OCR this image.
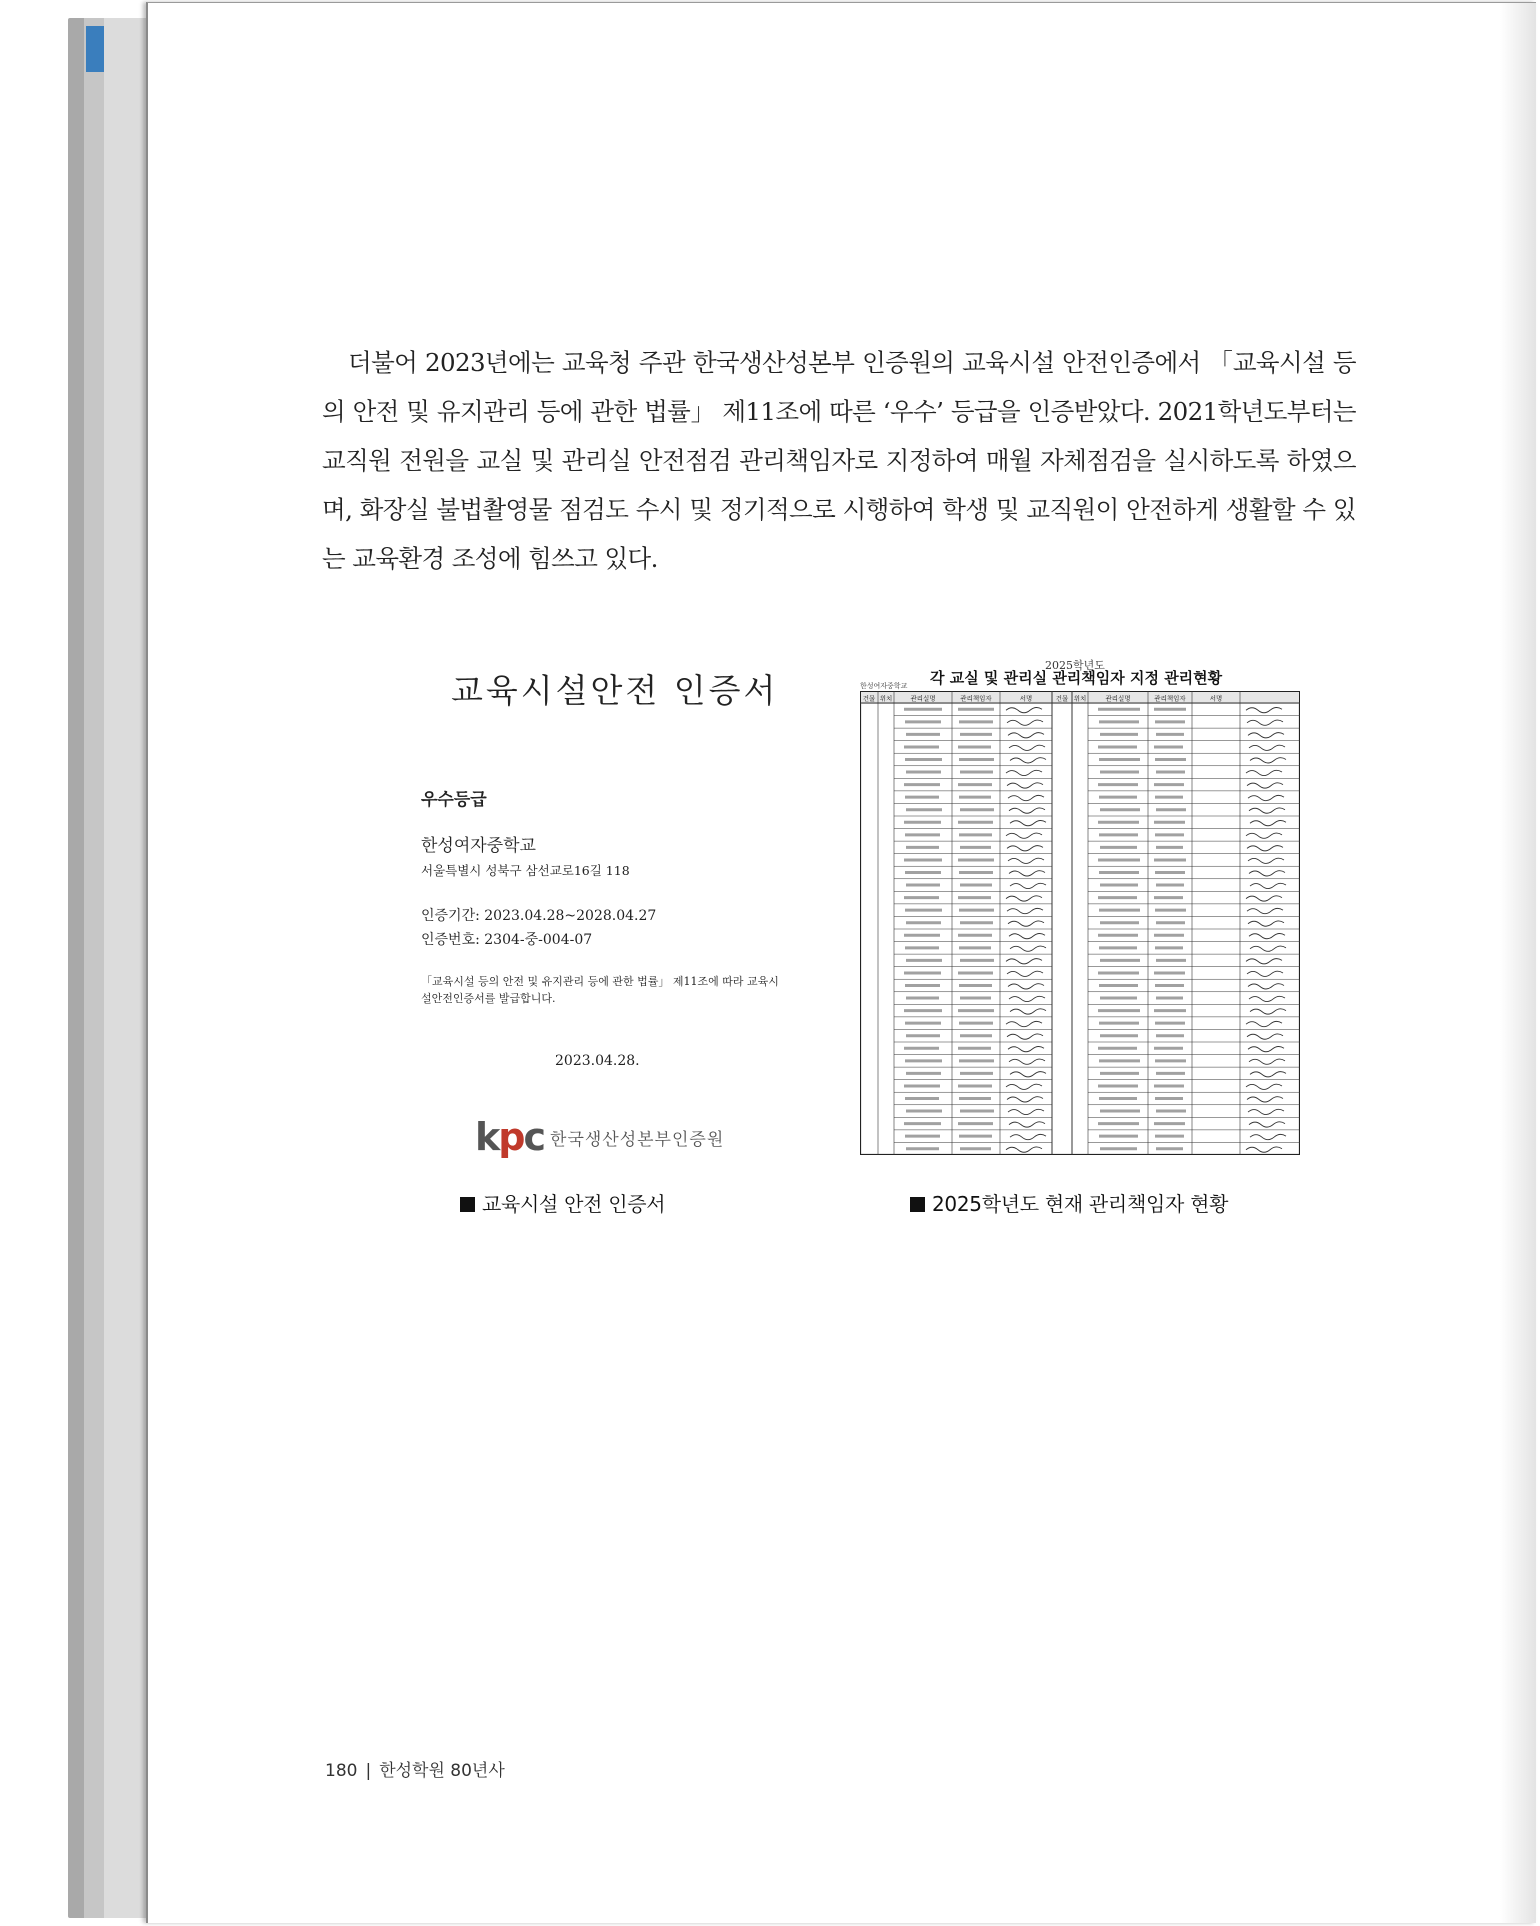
더불어 2023년에는 교육청 주관 한국생산성본부 인증원의 교육시설 안전인증에서 「교육시설 등의 안전 및 유지관리 등에 관한 법률」 제11조에 따른 ‘우수’ 등급을 인증받았다. 2021학년도부터는 교직원 전원을 교실 및 관리실 안전점검 관리책임자로 지정하여 매월 자체점검을 실시하도록 하였으며, 화장실 불법촬영물 점검도 수시 및 정기적으로 시행하여 학생 및 교직원이 안전하게 생활할 수 있는 교육환경 조성에 힘쓰고 있다.

교육시설안전 인증서
우수등급
한성여자중학교
서울특별시 성북구 삼선교로16길 118
인증기간: 2023.04.28~2028.04.27
인증번호: 2304-중-004-07
「교육시설 등의 안전 및 유지관리 등에 관한 법률」 제11조에 따라 교육시설안전인증서를 발급합니다.
2023.04.28.
kpc 한국생산성본부인증원
2025학년도
각 교실 및 관리실 관리책임자 지정 관리현황
한성여자중학교
건물 위치	관리실명	관리책임자	서명	건물 위치	관리실명	관리책임자	서명
교육시설 안전 인증서	2025학년도 현재 관리책임자 현황
180 | 한성학원 80년사
